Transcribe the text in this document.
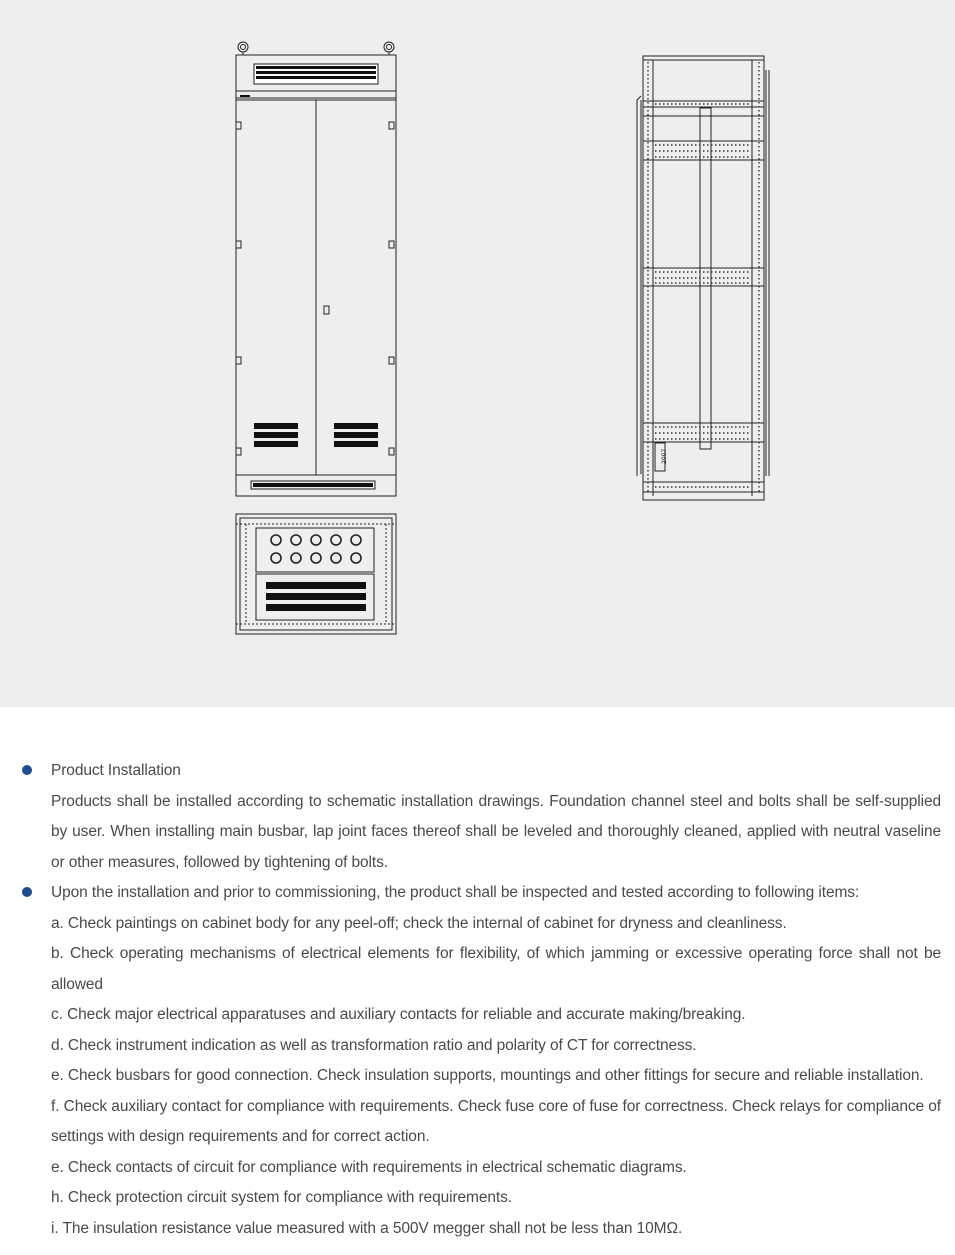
2007
Product Installation
Products shall be installed according to schematic installation drawings. Foundation channel steel and bolts shall be self-supplied by user. When installing main busbar, lap joint faces thereof shall be leveled and thoroughly cleaned, applied with neutral vaseline or other measures, followed by tightening of bolts.
Upon the installation and prior to commissioning, the product shall be inspected and tested according to following items:
a. Check paintings on cabinet body for any peel-off; check the internal of cabinet for dryness and cleanliness.
b. Check operating mechanisms of electrical elements for flexibility, of which jamming or excessive operating force shall not be allowed
c. Check major electrical apparatuses and auxiliary contacts for reliable and accurate making/breaking.
d. Check instrument indication as well as transformation ratio and polarity of CT for correctness.
e. Check busbars for good connection. Check insulation supports, mountings and other fittings for secure and reliable installation.
f. Check auxiliary contact for compliance with requirements. Check fuse core of fuse for correctness. Check relays for compliance of settings with design requirements and for correct action.
e. Check contacts of circuit for compliance with requirements in electrical schematic diagrams.
h. Check protection circuit system for compliance with requirements.
i. The insulation resistance value measured with a 500V megger shall not be less than 10MΩ.
